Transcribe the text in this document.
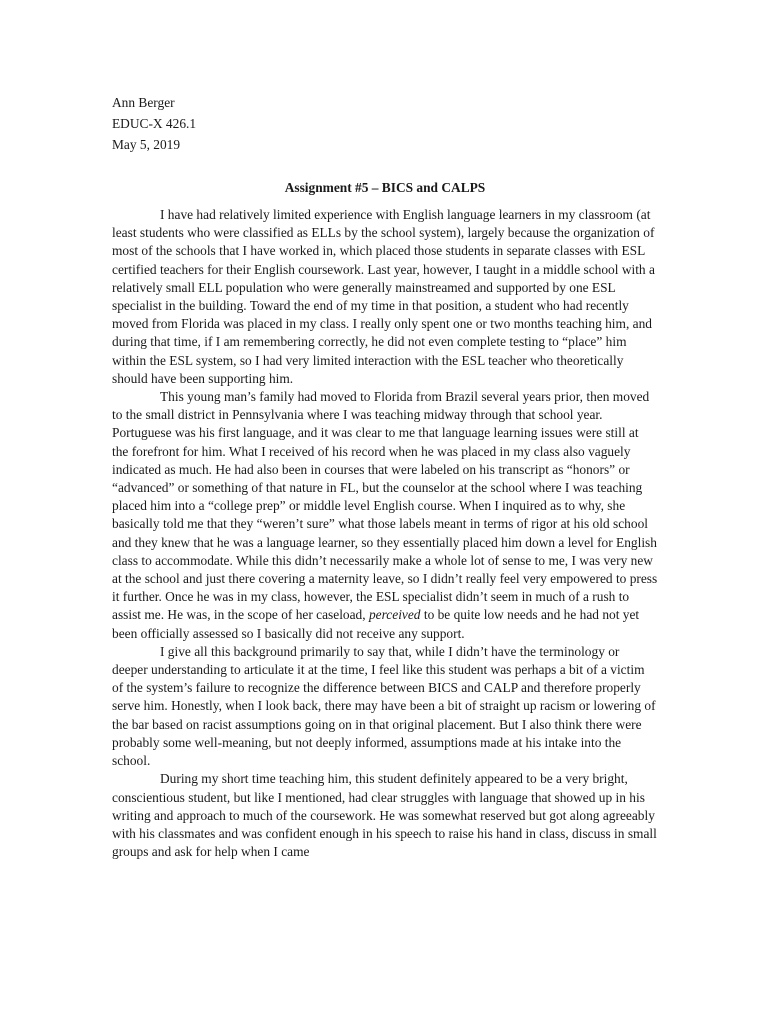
Ann Berger

EDUC-X 426.1

May 5, 2019

Assignment #5 – BICS and CALPS

I have had relatively limited experience with English language learners in my classroom (at least students who were classified as ELLs by the school system), largely because the organization of most of the schools that I have worked in, which placed those students in separate classes with ESL certified teachers for their English coursework. Last year, however, I taught in a middle school with a relatively small ELL population who were generally mainstreamed and supported by one ESL specialist in the building. Toward the end of my time in that position, a student who had recently moved from Florida was placed in my class. I really only spent one or two months teaching him, and during that time, if I am remembering correctly, he did not even complete testing to “place” him within the ESL system, so I had very limited interaction with the ESL teacher who theoretically should have been supporting him.

This young man’s family had moved to Florida from Brazil several years prior, then moved to the small district in Pennsylvania where I was teaching midway through that school year. Portuguese was his first language, and it was clear to me that language learning issues were still at the forefront for him. What I received of his record when he was placed in my class also vaguely indicated as much. He had also been in courses that were labeled on his transcript as “honors” or “advanced” or something of that nature in FL, but the counselor at the school where I was teaching placed him into a “college prep” or middle level English course. When I inquired as to why, she basically told me that they “weren’t sure” what those labels meant in terms of rigor at his old school and they knew that he was a language learner, so they essentially placed him down a level for English class to accommodate. While this didn’t necessarily make a whole lot of sense to me, I was very new at the school and just there covering a maternity leave, so I didn’t really feel very empowered to press it further. Once he was in my class, however, the ESL specialist didn’t seem in much of a rush to assist me. He was, in the scope of her caseload, perceived to be quite low needs and he had not yet been officially assessed so I basically did not receive any support.

I give all this background primarily to say that, while I didn’t have the terminology or deeper understanding to articulate it at the time, I feel like this student was perhaps a bit of a victim of the system’s failure to recognize the difference between BICS and CALP and therefore properly serve him. Honestly, when I look back, there may have been a bit of straight up racism or lowering of the bar based on racist assumptions going on in that original placement. But I also think there were probably some well-meaning, but not deeply informed, assumptions made at his intake into the school.

During my short time teaching him, this student definitely appeared to be a very bright, conscientious student, but like I mentioned, had clear struggles with language that showed up in his writing and approach to much of the coursework. He was somewhat reserved but got along agreeably with his classmates and was confident enough in his speech to raise his hand in class, discuss in small groups and ask for help when I came
